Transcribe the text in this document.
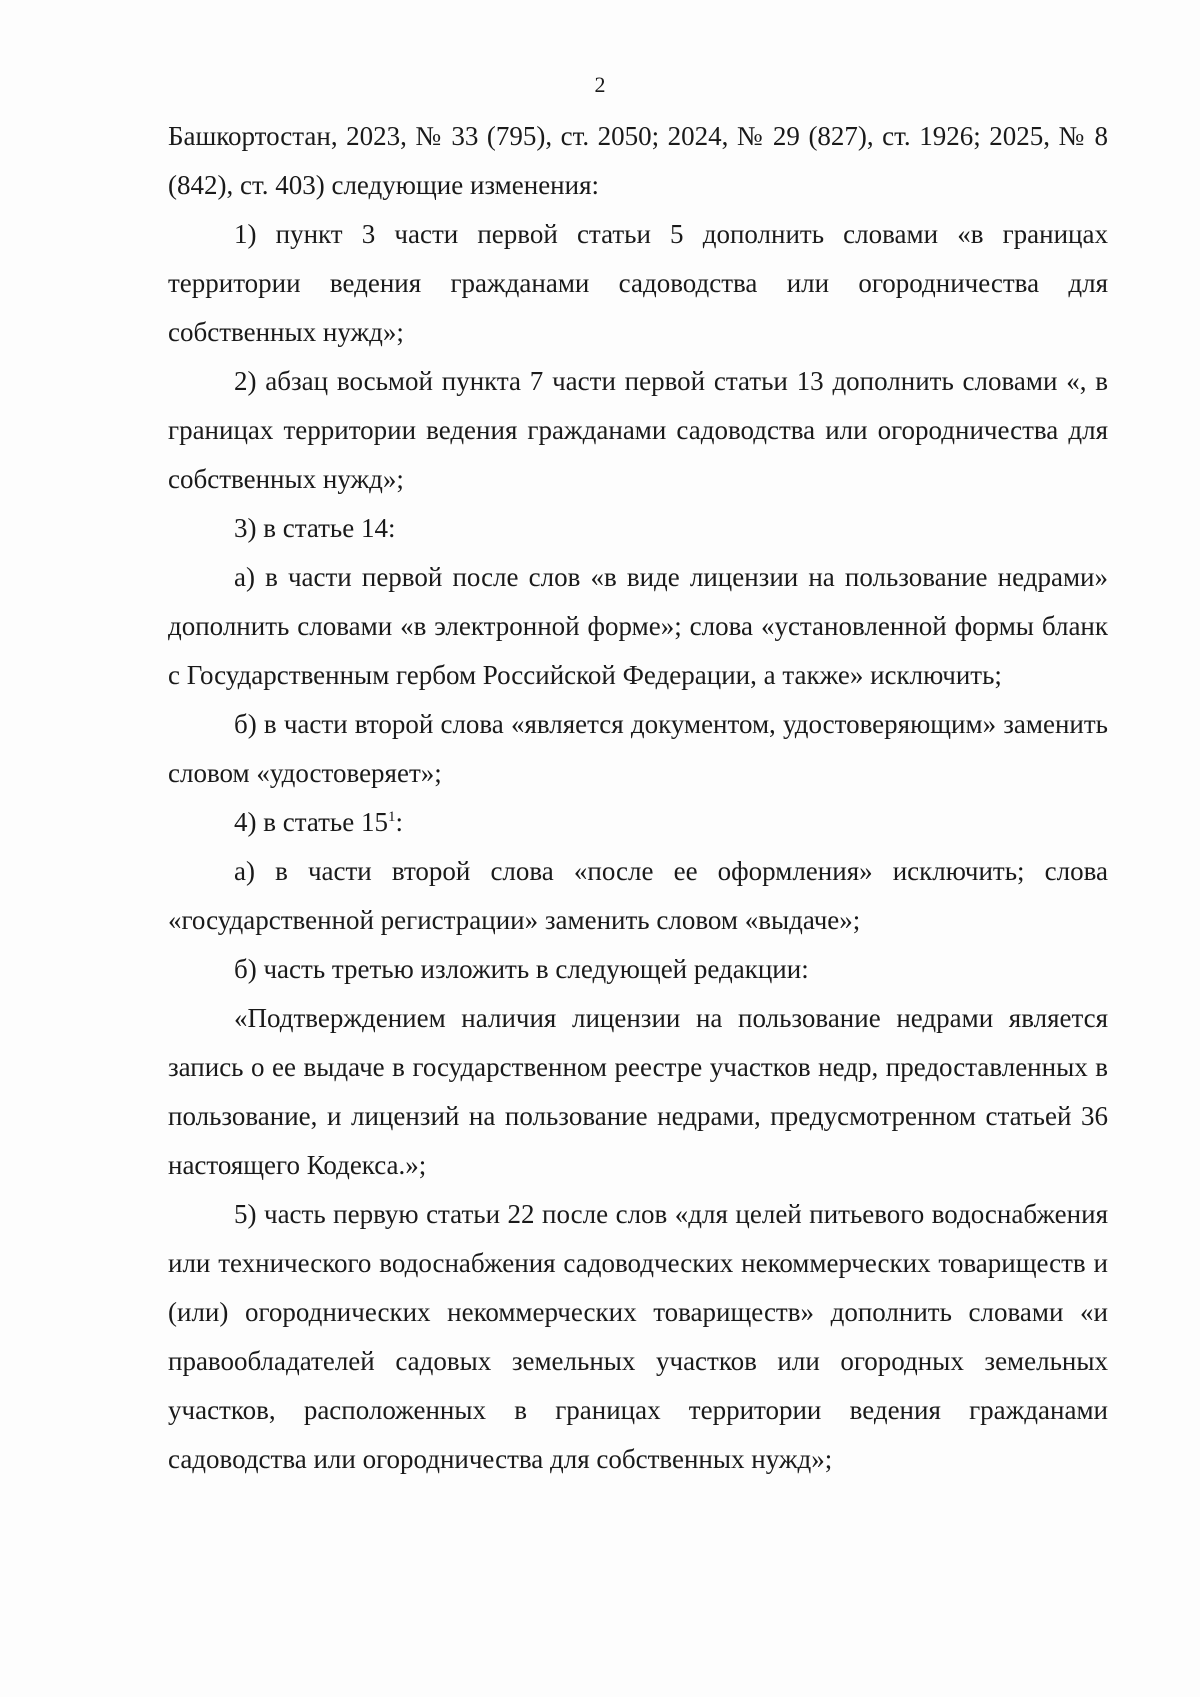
2

Башкортостан, 2023, № 33 (795), ст. 2050; 2024, № 29 (827), ст. 1926; 2025, № 8 (842), ст. 403) следующие изменения:

1) пункт 3 части первой статьи 5 дополнить словами «в границах территории ведения гражданами садоводства или огородничества для собственных нужд»;

2) абзац восьмой пункта 7 части первой статьи 13 дополнить словами «, в границах территории ведения гражданами садоводства или огородничества для собственных нужд»;

3) в статье 14:

а) в части первой после слов «в виде лицензии на пользование недрами» дополнить словами «в электронной форме»; слова «установленной формы бланк с Государственным гербом Российской Федерации, а также» исключить;

б) в части второй слова «является документом, удостоверяющим» заменить словом «удостоверяет»;

4) в статье $15^1$:

а) в части второй слова «после ее оформления» исключить; слова «государственной регистрации» заменить словом «выдаче»;

б) часть третью изложить в следующей редакции:

«Подтверждением наличия лицензии на пользование недрами является запись о ее выдаче в государственном реестре участков недр, предоставленных в пользование, и лицензий на пользование недрами, предусмотренном статьей 36 настоящего Кодекса.»;

5) часть первую статьи 22 после слов «для целей питьевого водоснабжения или технического водоснабжения садоводческих некоммерческих товариществ и (или) огороднических некоммерческих товариществ» дополнить словами «и правообладателей садовых земельных участков или огородных земельных участков, расположенных в границах территории ведения гражданами садоводства или огородничества для собственных нужд»;
